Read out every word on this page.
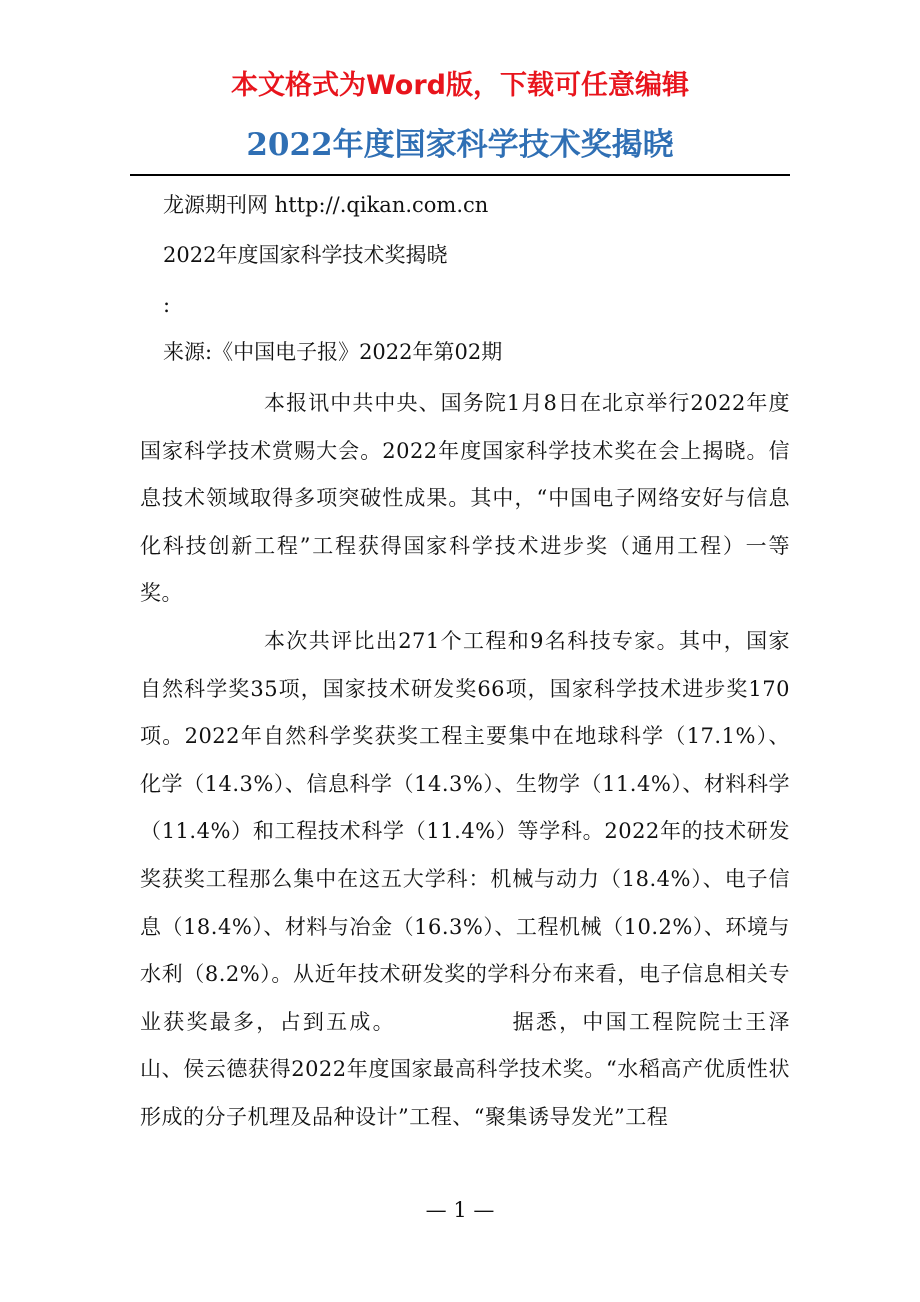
本文格式为Word版，下载可任意编辑
2022年度国家科学技术奖揭晓
龙源期刊网 http://.qikan.com.cn
2022年度国家科学技术奖揭晓
:
来源:《中国电子报》2022年第02期

本报讯中共中央、国务院1月8日在北京举行2022年度国家科学技术赏赐大会。2022年度国家科学技术奖在会上揭晓。信息技术领域取得多项突破性成果。其中，“中国电子网络安好与信息化科技创新工程”工程获得国家科学技术进步奖（通用工程）一等奖。

本次共评比出271个工程和9名科技专家。其中，国家自然科学奖35项，国家技术研发奖66项，国家科学技术进步奖170项。2022年自然科学奖获奖工程主要集中在地球科学（17.1%）、化学（14.3%）、信息科学（14.3%）、生物学（11.4%）、材料科学（11.4%）和工程技术科学（11.4%）等学科。2022年的技术研发奖获奖工程那么集中在这五大学科：机械与动力（18.4%）、电子信息（18.4%）、材料与冶金（16.3%）、工程机械（10.2%）、环境与水利（8.2%）。从近年技术研发奖的学科分布来看，电子信息相关专业获奖最多，占到五成。	据悉，中国工程院院士王泽山、侯云德获得2022年度国家最高科学技术奖。“水稻高产优质性状形成的分子机理及品种设计”工程、“聚集诱导发光”工程

— 1 —
